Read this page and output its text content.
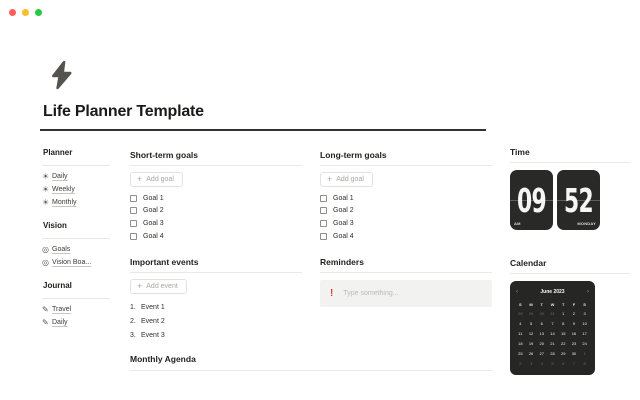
Life Planner Template
Planner
☀ Daily
☀ Weekly
☀ Monthly
Vision
◎ Goals
◎ Vision Boa...
Journal
✎ Travel
✎ Daily
Short-term goals
+ Add goal
Goal 1
Goal 2
Goal 3
Goal 4
Long-term goals
+ Add goal
Goal 1
Goal 2
Goal 3
Goal 4
Important events
+ Add event
1. Event 1
2. Event 2
3. Event 3
Reminders
! Type something...
Monthly Agenda
Time
09
AM
52
MONDAY
Calendar
‹	June 2023	›
S	M	T	W	T	F	S
28	29	30	31	1	2	3
4	5	6	7	8	9	10
11	12	13	14	15	16	17
18	19	20	21	22	23	24
25	26	27	28	29	30	1
2	3	4	5	6	7	8
